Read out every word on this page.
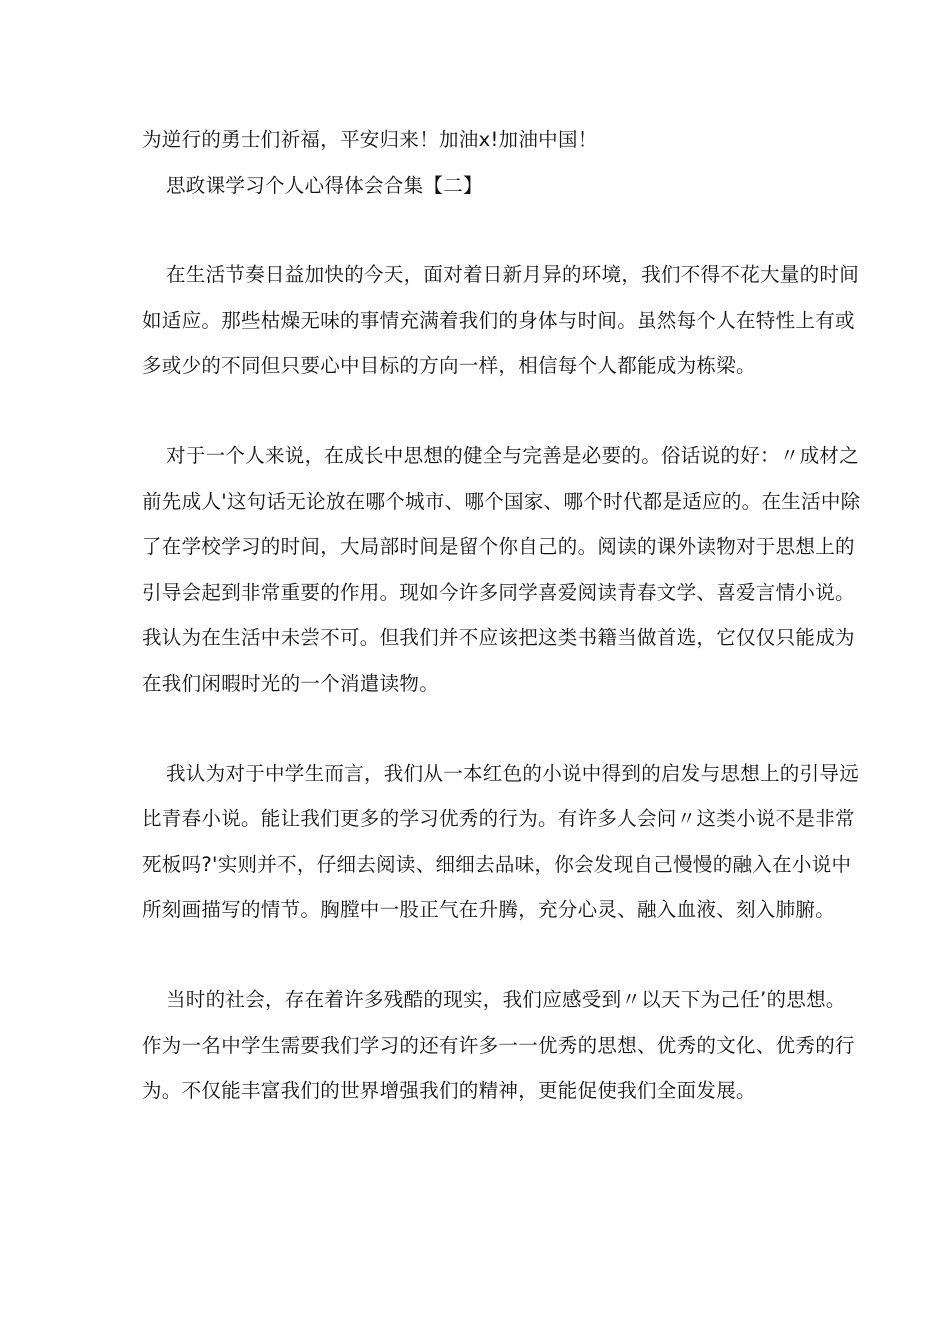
为逆行的勇士们祈福，平安归来！加油x!加油中国！
思政课学习个人心得体会合集【二】
在生活节奏日益加快的今天，面对着日新月异的环境，我们不得不花大量的时间
如适应。那些枯燥无味的事情充满着我们的身体与时间。虽然每个人在特性上有或
多或少的不同但只要心中目标的方向一样，相信每个人都能成为栋梁。
对于一个人来说，在成长中思想的健全与完善是必要的。俗话说的好：〃成材之
前先成人'这句话无论放在哪个城市、哪个国家、哪个时代都是适应的。在生活中除
了在学校学习的时间，大局部时间是留个你自己的。阅读的课外读物对于思想上的
引导会起到非常重要的作用。现如今许多同学喜爱阅读青春文学、喜爱言情小说。
我认为在生活中未尝不可。但我们并不应该把这类书籍当做首选，它仅仅只能成为
在我们闲暇时光的一个消遣读物。
我认为对于中学生而言，我们从一本红色的小说中得到的启发与思想上的引导远
比青春小说。能让我们更多的学习优秀的行为。有许多人会问〃这类小说不是非常
死板吗?'实则并不，仔细去阅读、细细去品味，你会发现自己慢慢的融入在小说中
所刻画描写的情节。胸膛中一股正气在升腾，充分心灵、融入血液、刻入肺腑。
当时的社会，存在着许多残酷的现实，我们应感受到〃以天下为己任’的思想。
作为一名中学生需要我们学习的还有许多一一优秀的思想、优秀的文化、优秀的行
为。不仅能丰富我们的世界增强我们的精神，更能促使我们全面发展。
